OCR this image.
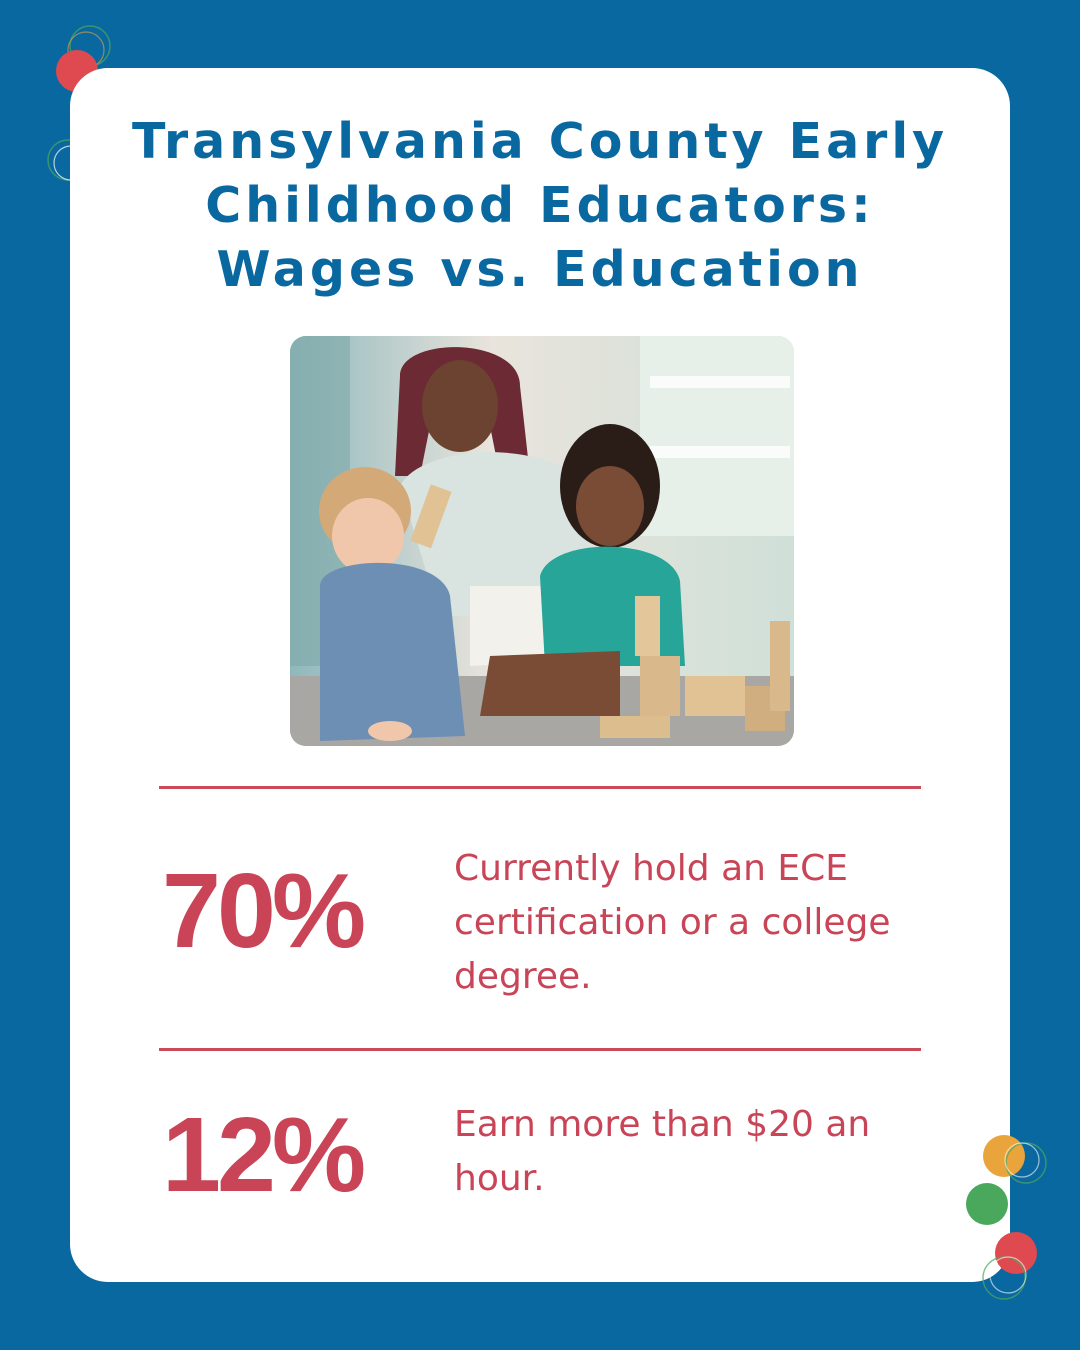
Transylvania County Early
Childhood Educators:
Wages vs. Education
70%	Currently hold an ECE certification or a college degree.
12%	Earn more than $20 an hour.
